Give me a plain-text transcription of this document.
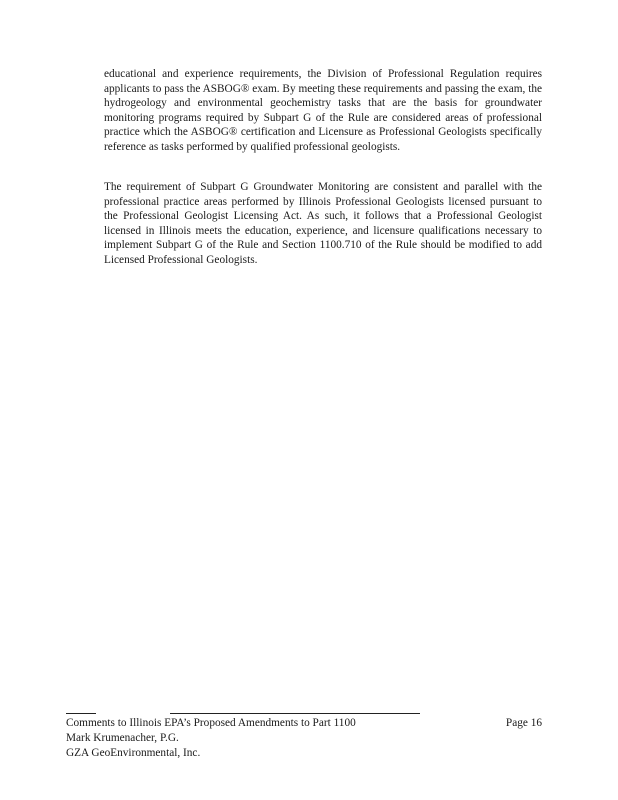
educational and experience requirements, the Division of Professional Regulation requires applicants to pass the ASBOG® exam. By meeting these requirements and passing the exam, the hydrogeology and environmental geochemistry tasks that are the basis for groundwater monitoring programs required by Subpart G of the Rule are considered areas of professional practice which the ASBOG® certification and Licensure as Professional Geologists specifically reference as tasks performed by qualified professional geologists.

The requirement of Subpart G Groundwater Monitoring are consistent and parallel with the professional practice areas performed by Illinois Professional Geologists licensed pursuant to the Professional Geologist Licensing Act. As such, it follows that a Professional Geologist licensed in Illinois meets the education, experience, and licensure qualifications necessary to implement Subpart G of the Rule and Section 1100.710 of the Rule should be modified to add Licensed Professional Geologists.

Comments to Illinois EPA’s Proposed Amendments to Part 1100	Page 16
Mark Krumenacher, P.G.
GZA GeoEnvironmental, Inc.
